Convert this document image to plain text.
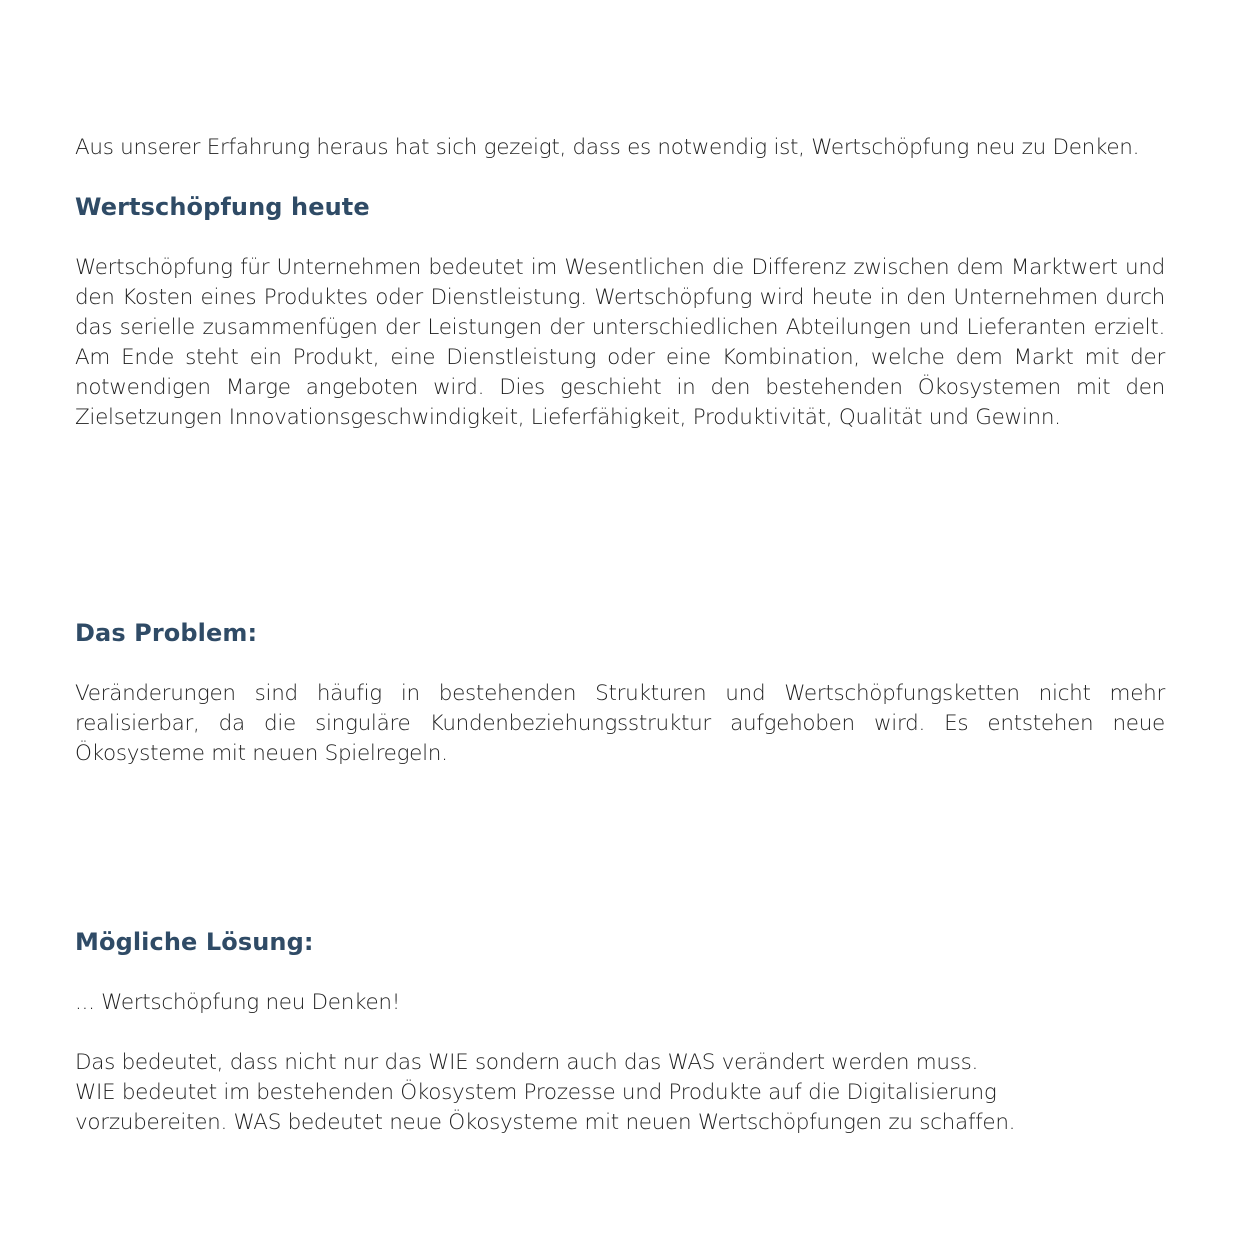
Aus unserer Erfahrung heraus hat sich gezeigt, dass es notwendig ist, Wertschöpfung neu zu Denken.

Wertschöpfung heute

Wertschöpfung für Unternehmen bedeutet im Wesentlichen die Differenz zwischen dem Marktwert und den Kosten eines Produktes oder Dienstleistung. Wertschöpfung wird heute in den Unternehmen durch das serielle zusammenfügen der Leistungen der unterschiedlichen Abteilungen und Lieferanten erzielt. Am Ende steht ein Produkt, eine Dienstleistung oder eine Kombination, welche dem Markt mit der notwendigen Marge angeboten wird. Dies geschieht in den bestehenden Ökosystemen mit den Zielsetzungen Innovationsgeschwindigkeit, Lieferfähigkeit, Produktivität, Qualität und Gewinn.

Das Problem:

Veränderungen sind häufig in bestehenden Strukturen und Wertschöpfungsketten nicht mehr realisierbar, da die singuläre Kundenbeziehungsstruktur aufgehoben wird. Es entstehen neue Ökosysteme mit neuen Spielregeln.

Mögliche Lösung:

... Wertschöpfung neu Denken!

Das bedeutet, dass nicht nur das WIE sondern auch das WAS verändert werden muss.
WIE bedeutet im bestehenden Ökosystem Prozesse und Produkte auf die Digitalisierung
vorzubereiten. WAS bedeutet neue Ökosysteme mit neuen Wertschöpfungen zu schaffen.
